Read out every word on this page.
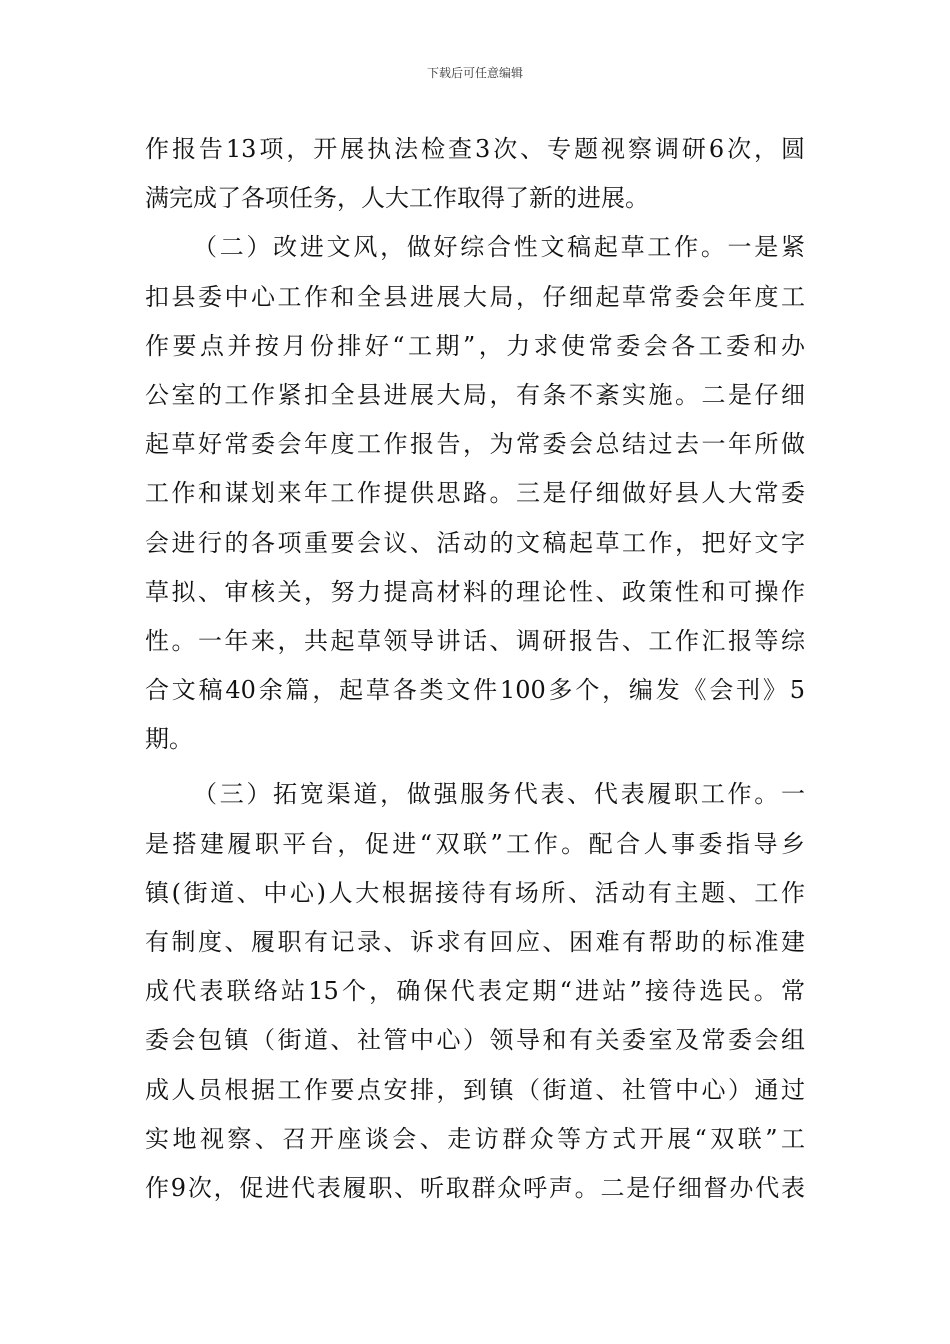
下载后可任意编辑
作报告13项，开展执法检查3次、专题视察调研6次，圆
满完成了各项任务，人大工作取得了新的进展。
（二）改进文风，做好综合性文稿起草工作。一是紧
扣县委中心工作和全县进展大局，仔细起草常委会年度工
作要点并按月份排好“工期”，力求使常委会各工委和办
公室的工作紧扣全县进展大局，有条不紊实施。二是仔细
起草好常委会年度工作报告，为常委会总结过去一年所做
工作和谋划来年工作提供思路。三是仔细做好县人大常委
会进行的各项重要会议、活动的文稿起草工作，把好文字
草拟、审核关，努力提高材料的理论性、政策性和可操作
性。一年来，共起草领导讲话、调研报告、工作汇报等综
合文稿40余篇，起草各类文件100多个，编发《会刊》5
期。
（三）拓宽渠道，做强服务代表、代表履职工作。一
是搭建履职平台，促进“双联”工作。配合人事委指导乡
镇(街道、中心)人大根据接待有场所、活动有主题、工作
有制度、履职有记录、诉求有回应、困难有帮助的标准建
成代表联络站15个，确保代表定期“进站”接待选民。常
委会包镇（街道、社管中心）领导和有关委室及常委会组
成人员根据工作要点安排，到镇（街道、社管中心）通过
实地视察、召开座谈会、走访群众等方式开展“双联”工
作9次，促进代表履职、听取群众呼声。二是仔细督办代表
